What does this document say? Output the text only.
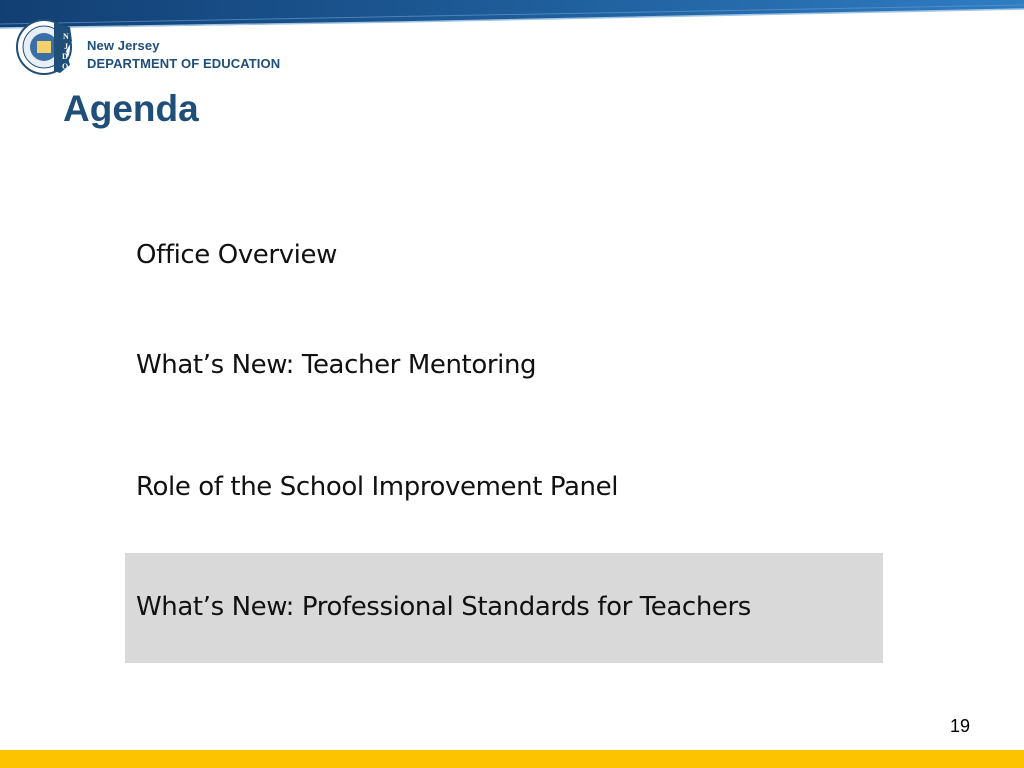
N
J
D
O
New Jersey
DEPARTMENT OF EDUCATION
Agenda
Office Overview
What’s New: Teacher Mentoring
Role of the School Improvement Panel
What’s New: Professional Standards for Teachers
19
